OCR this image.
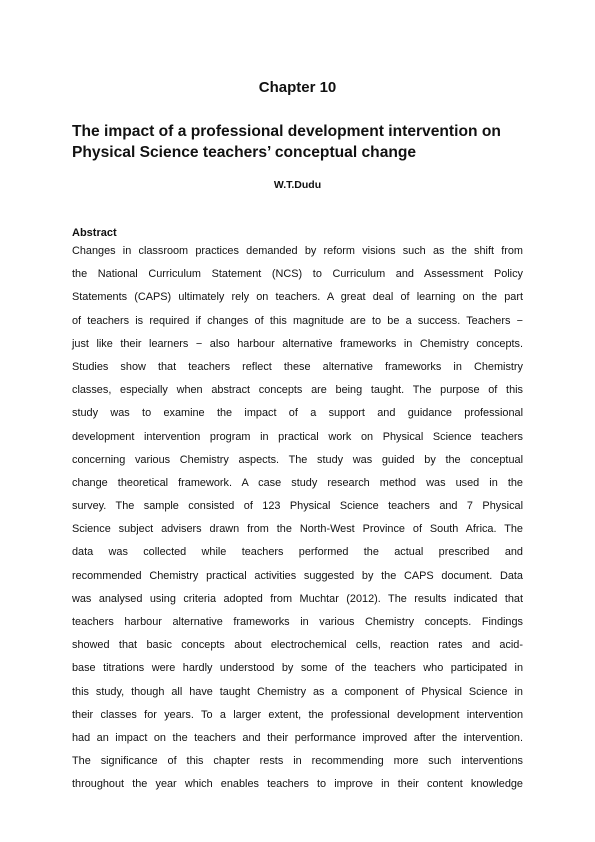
Chapter 10
The impact of a professional development intervention on
Physical Science teachers’ conceptual change
W.T.Dudu
Abstract
Changes in classroom practices demanded by reform visions such as the shift from
the National Curriculum Statement (NCS) to Curriculum and Assessment Policy
Statements (CAPS) ultimately rely on teachers. A great deal of learning on the part
of teachers is required if changes of this magnitude are to be a success. Teachers −
just like their learners − also harbour alternative frameworks in Chemistry concepts.
Studies show that teachers reflect these alternative frameworks in Chemistry
classes, especially when abstract concepts are being taught. The purpose of this
study was to examine the impact of a support and guidance professional
development intervention program in practical work on Physical Science teachers
concerning various Chemistry aspects. The study was guided by the conceptual
change theoretical framework. A case study research method was used in the
survey. The sample consisted of 123 Physical Science teachers and 7 Physical
Science subject advisers drawn from the North-West Province of South Africa. The
data was collected while teachers performed the actual prescribed and
recommended Chemistry practical activities suggested by the CAPS document. Data
was analysed using criteria adopted from Muchtar (2012). The results indicated that
teachers harbour alternative frameworks in various Chemistry concepts. Findings
showed that basic concepts about electrochemical cells, reaction rates and acid-
base titrations were hardly understood by some of the teachers who participated in
this study, though all have taught Chemistry as a component of Physical Science in
their classes for years. To a larger extent, the professional development intervention
had an impact on the teachers and their performance improved after the intervention.
The significance of this chapter rests in recommending more such interventions
throughout the year which enables teachers to improve in their content knowledge
